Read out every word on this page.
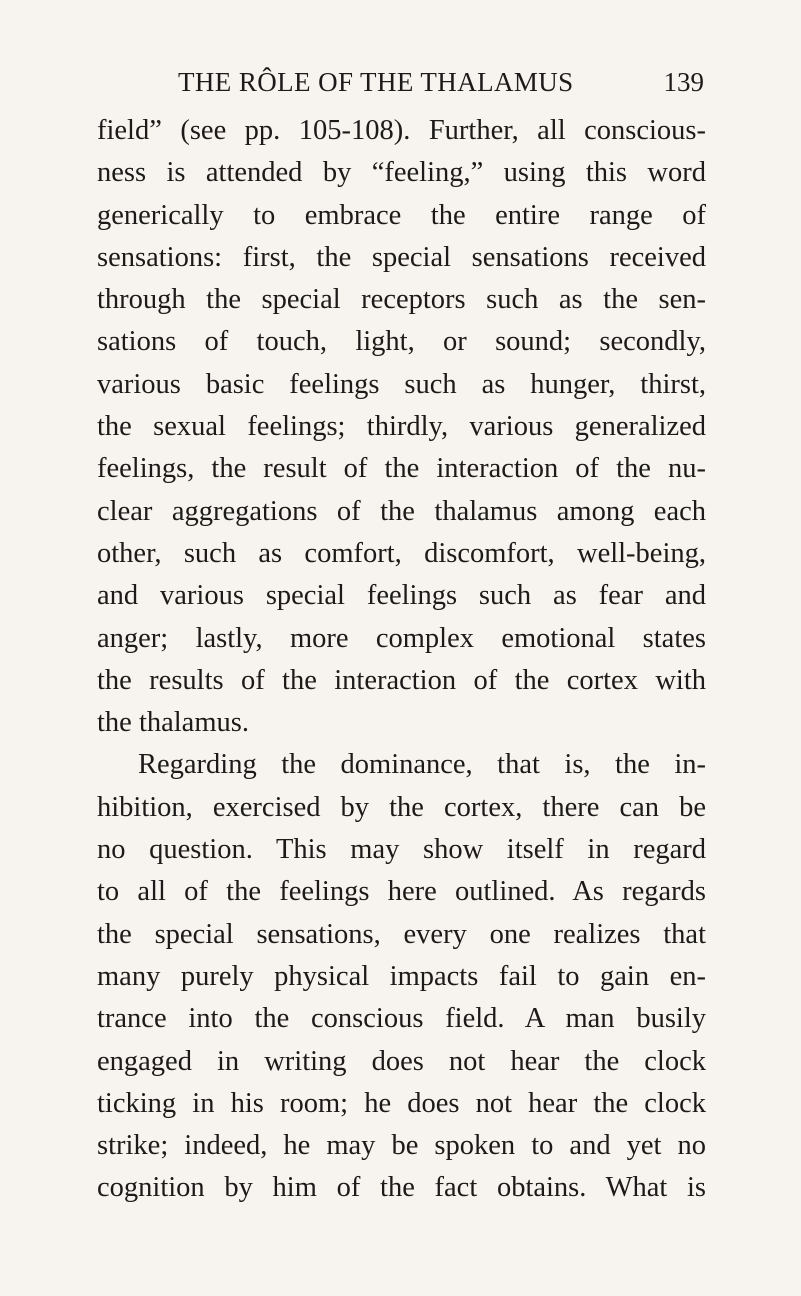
THE RÔLE OF THE THALAMUS	139
field” (see pp. 105-108). Further, all conscious-
ness is attended by “feeling,” using this word
generically to embrace the entire range of
sensations: first, the special sensations received
through the special receptors such as the sen-
sations of touch, light, or sound; secondly,
various basic feelings such as hunger, thirst,
the sexual feelings; thirdly, various generalized
feelings, the result of the interaction of the nu-
clear aggregations of the thalamus among each
other, such as comfort, discomfort, well-being,
and various special feelings such as fear and
anger; lastly, more complex emotional states
the results of the interaction of the cortex with
the thalamus.
Regarding the dominance, that is, the in-
hibition, exercised by the cortex, there can be
no question. This may show itself in regard
to all of the feelings here outlined. As regards
the special sensations, every one realizes that
many purely physical impacts fail to gain en-
trance into the conscious field. A man busily
engaged in writing does not hear the clock
ticking in his room; he does not hear the clock
strike; indeed, he may be spoken to and yet no
cognition by him of the fact obtains. What is
